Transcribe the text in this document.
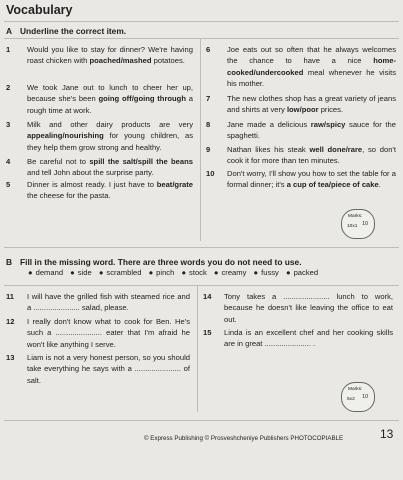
Vocabulary
A Underline the correct item.
1 Would you like to stay for dinner? We're having roast chicken with poached/mashed potatoes.
2 We took Jane out to lunch to cheer her up, because she's been going off/going through a rough time at work.
3 Milk and other dairy products are very appealing/nourishing for young children, as they help them grow strong and healthy.
4 Be careful not to spill the salt/spill the beans and tell John about the surprise party.
5 Dinner is almost ready. I just have to beat/grate the cheese for the pasta.
6 Joe eats out so often that he always welcomes the chance to have a nice home-cooked/undercooked meal whenever he visits his mother.
7 The new clothes shop has a great variety of jeans and shirts at very low/poor prices.
8 Jane made a delicious raw/spicy sauce for the spaghetti.
9 Nathan likes his steak well done/rare, so don't cook it for more than ten minutes.
10 Don't worry, I'll show you how to set the table for a formal dinner; it's a cup of tea/piece of cake.
Marks:
10x1 10
B Fill in the missing word. There are three words you do not need to use.
● demand ● side ● scrambled ● pinch ● stock ● creamy ● fussy ● packed
11 I will have the grilled fish with steamed rice and a ...................... salad, please.
12 I really don't know what to cook for Ben. He's such a ...................... eater that I'm afraid he won't like anything I serve.
13 Liam is not a very honest person, so you should take everything he says with a ...................... of salt.
14 Tony takes a ...................... lunch to work, because he doesn't like leaving the office to eat out.
15 Linda is an excellent chef and her cooking skills are in great ...................... .
Marks:
5x2 10
© Express Publishing © Prosveshcheniye Publishers PHOTOCOPIABLE	13
